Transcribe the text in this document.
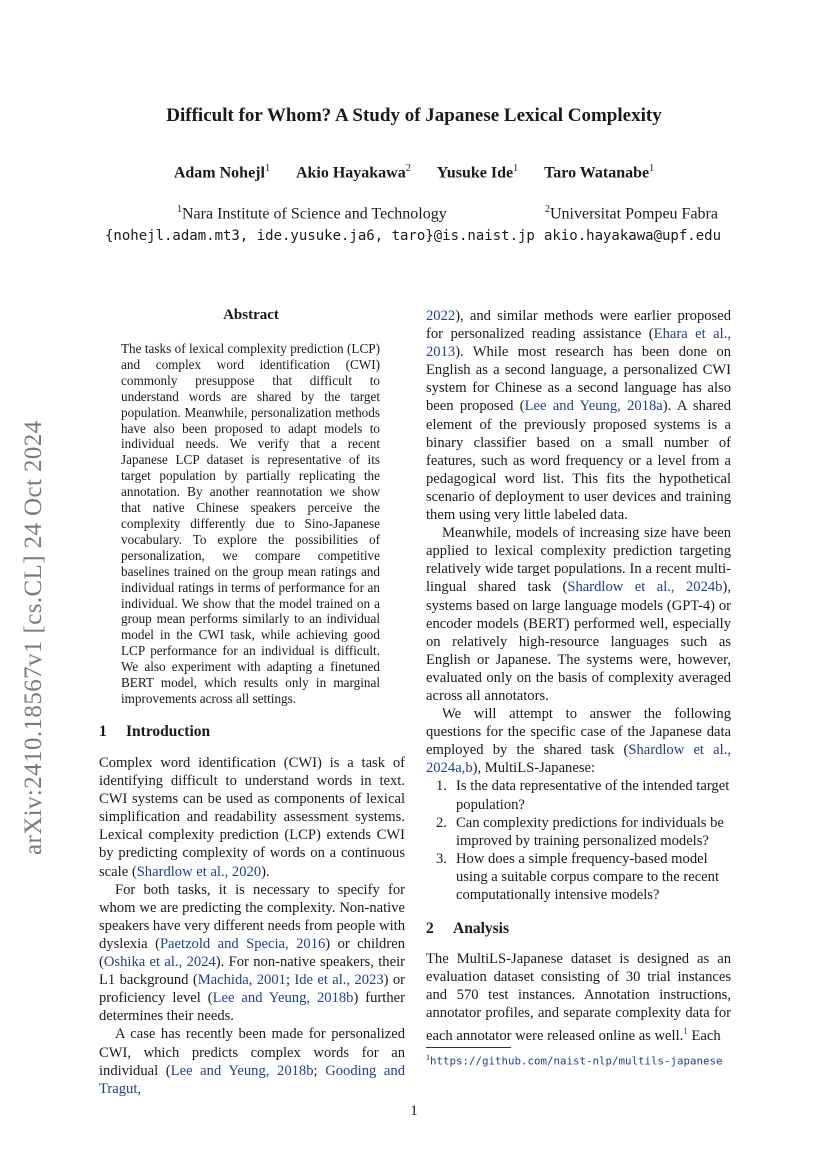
arXiv:2410.18567v1 [cs.CL] 24 Oct 2024
Difficult for Whom? A Study of Japanese Lexical Complexity
Adam Nohejl$^1$ Akio Hayakawa$^2$ Yusuke Ide$^1$ Taro Watanabe$^1$
$^1$Nara Institute of Science and Technology
{nohejl.adam.mt3, ide.yusuke.ja6, taro}@is.naist.jp
$^2$Universitat Pompeu Fabra
akio.hayakawa@upf.edu
Abstract
The tasks of lexical complexity prediction (LCP) and complex word identification (CWI) commonly presuppose that difficult to understand words are shared by the target population. Meanwhile, personalization methods have also been proposed to adapt models to individual needs. We verify that a recent Japanese LCP dataset is representative of its target population by partially replicating the annotation. By another reannotation we show that native Chinese speakers perceive the complexity differently due to Sino-Japanese vocabulary. To explore the possibilities of personalization, we compare competitive baselines trained on the group mean ratings and individual ratings in terms of performance for an individual. We show that the model trained on a group mean performs similarly to an individual model in the CWI task, while achieving good LCP performance for an individual is difficult. We also experiment with adapting a finetuned BERT model, which results only in marginal improvements across all settings.
1 Introduction

Complex word identification (CWI) is a task of identifying difficult to understand words in text. CWI systems can be used as components of lexical simplification and readability assessment systems. Lexical complexity prediction (LCP) extends CWI by predicting complexity of words on a continuous scale (Shardlow et al., 2020).

For both tasks, it is necessary to specify for whom we are predicting the complexity. Non-native speakers have very different needs from people with dyslexia (Paetzold and Specia, 2016) or children (Oshika et al., 2024). For non-native speakers, their L1 background (Machida, 2001; Ide et al., 2023) or proficiency level (Lee and Yeung, 2018b) further determines their needs.

A case has recently been made for personalized CWI, which predicts complex words for an individual (Lee and Yeung, 2018b; Gooding and Tragut,

2022), and similar methods were earlier proposed for personalized reading assistance (Ehara et al., 2013). While most research has been done on English as a second language, a personalized CWI system for Chinese as a second language has also been proposed (Lee and Yeung, 2018a). A shared element of the previously proposed systems is a binary classifier based on a small number of features, such as word frequency or a level from a pedagogical word list. This fits the hypothetical scenario of deployment to user devices and training them using very little labeled data.

Meanwhile, models of increasing size have been applied to lexical complexity prediction targeting relatively wide target populations. In a recent multi-lingual shared task (Shardlow et al., 2024b), systems based on large language models (GPT-4) or encoder models (BERT) performed well, especially on relatively high-resource languages such as English or Japanese. The systems were, however, evaluated only on the basis of complexity averaged across all annotators.

We will attempt to answer the following questions for the specific case of the Japanese data employed by the shared task (Shardlow et al., 2024a,b), MultiLS-Japanese:

1. Is the data representative of the intended target population?
2. Can complexity predictions for individuals be improved by training personalized models?
3. How does a simple frequency-based model using a suitable corpus compare to the recent computationally intensive models?
2 Analysis

The MultiLS-Japanese dataset is designed as an evaluation dataset consisting of 30 trial instances and 570 test instances. Annotation instructions, annotator profiles, and separate complexity data for each annotator were released online as well.$^1$ Each

$^1$https://github.com/naist-nlp/multils-japanese
1
